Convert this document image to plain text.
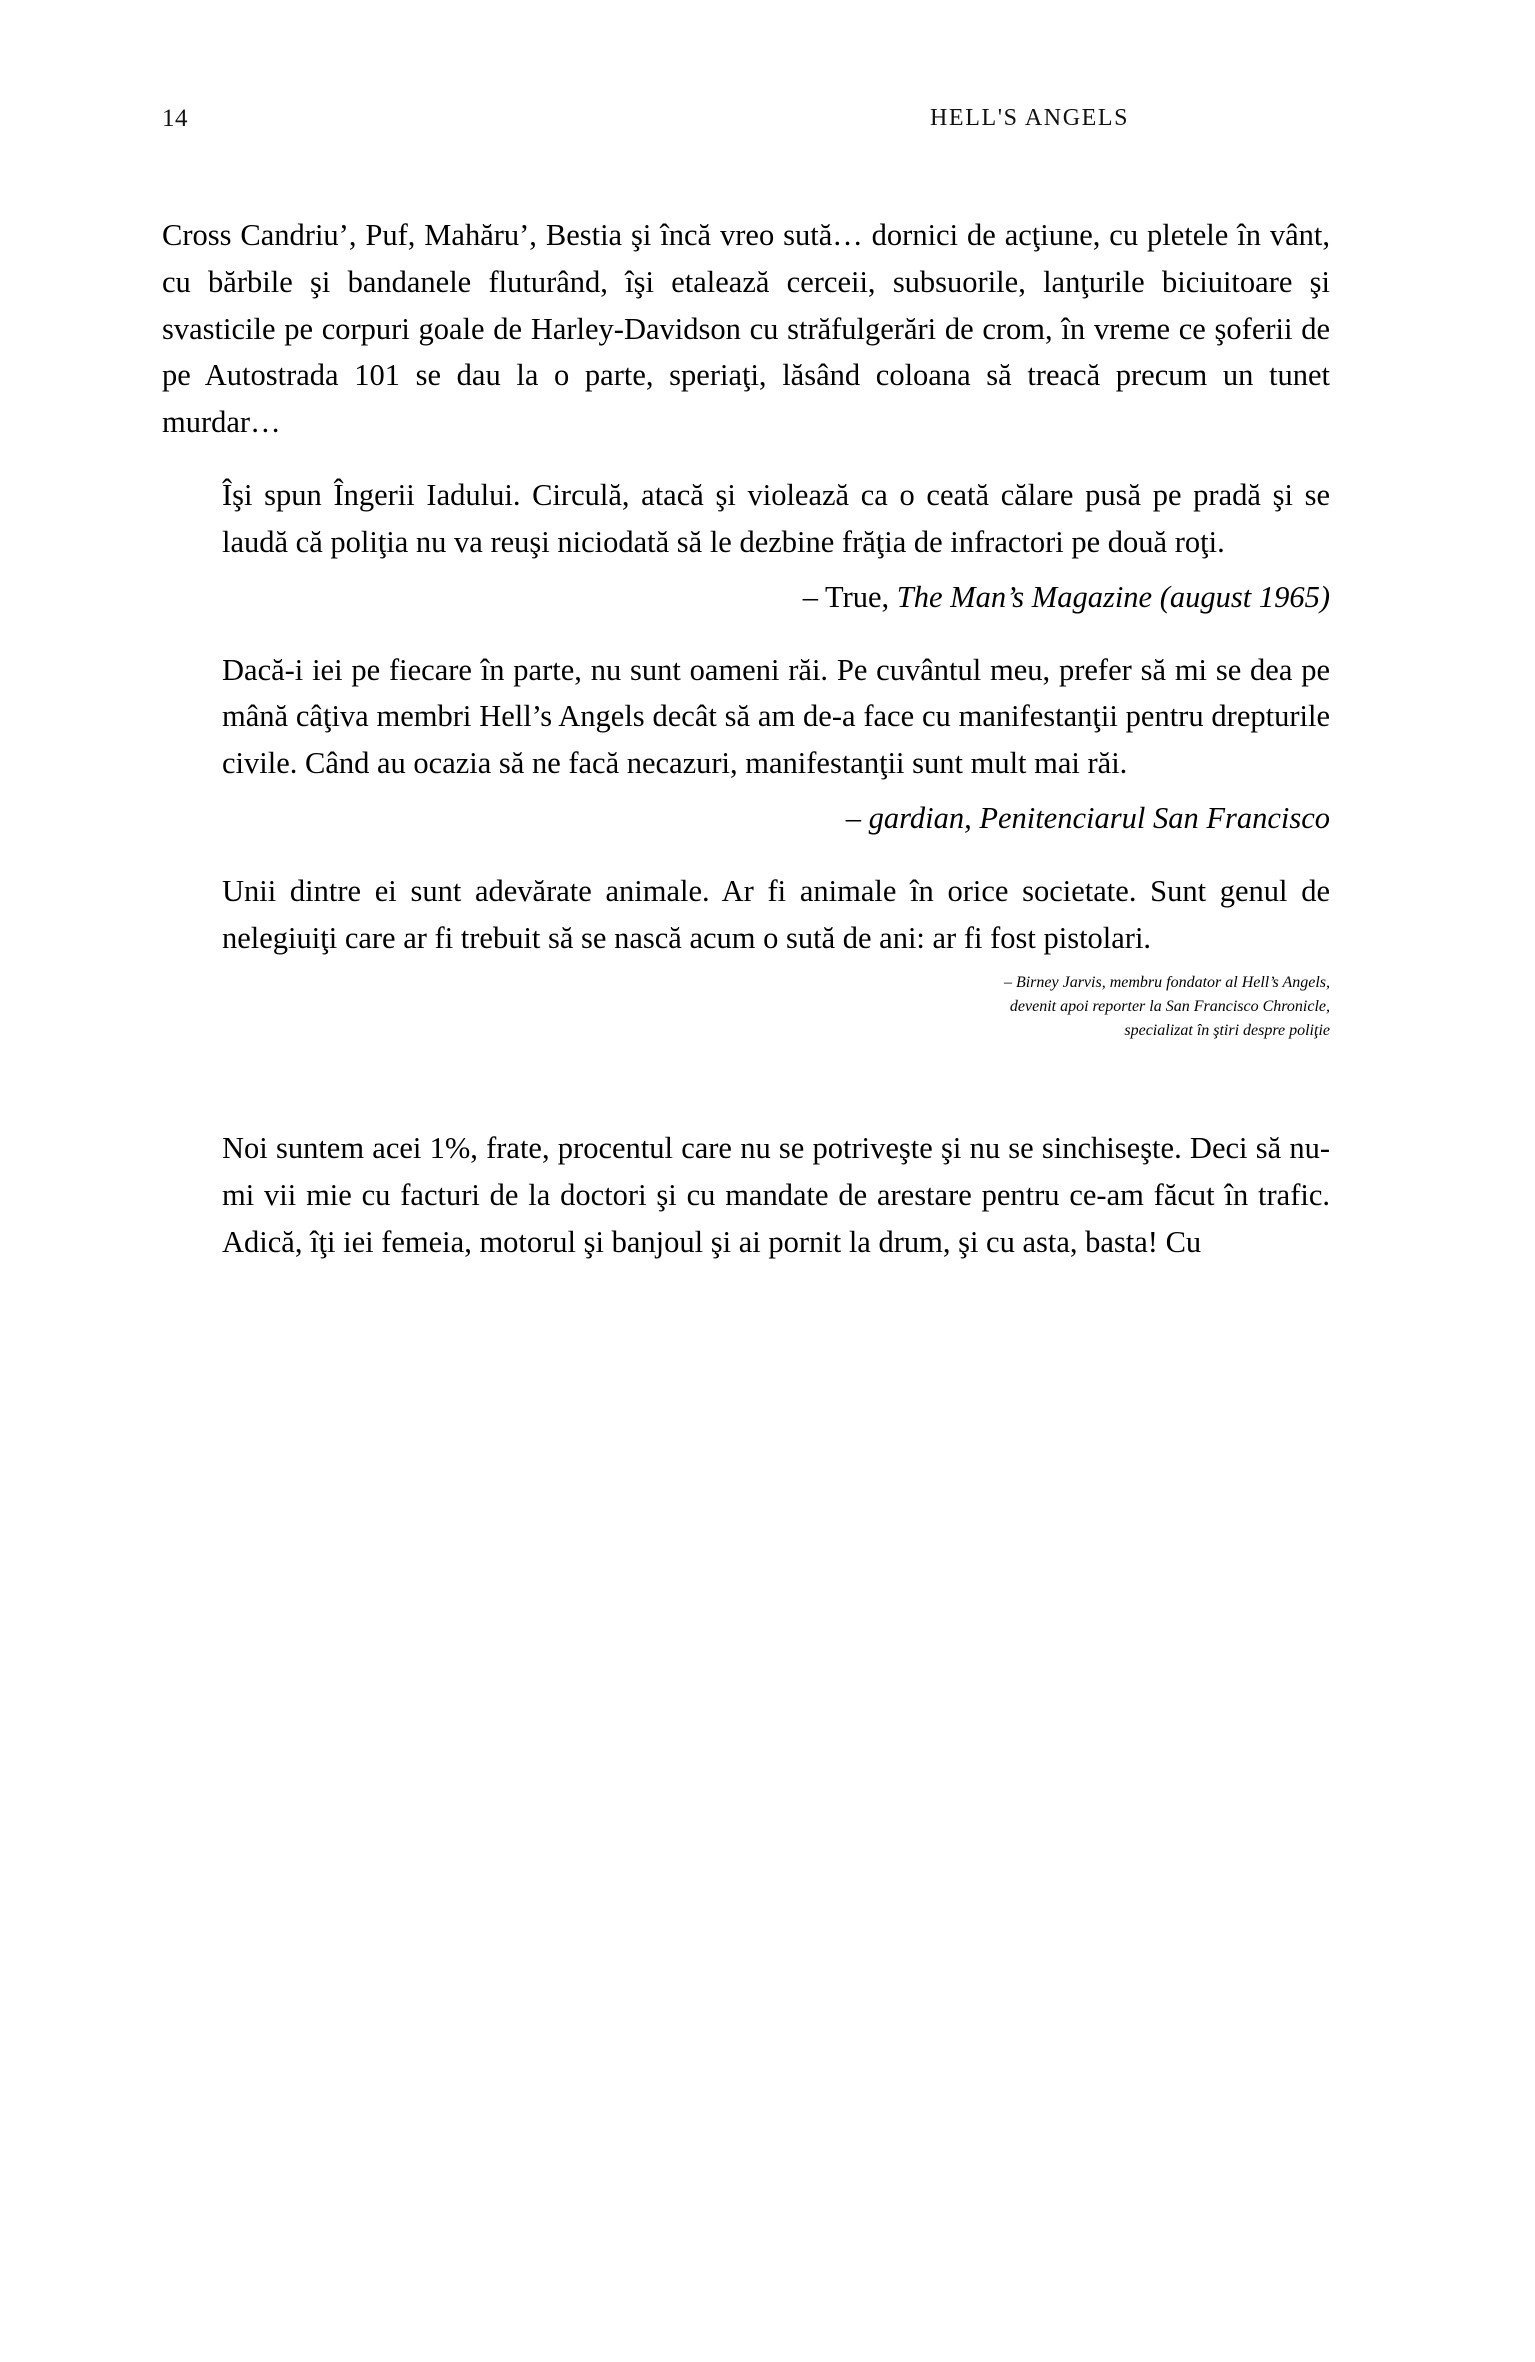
14	HELL'S ANGELS

Cross Candriu’, Puf, Mahăru’, Bestia şi încă vreo sută… dornici de acţiune, cu pletele în vânt, cu bărbile şi bandanele fluturând, îşi etalează cerceii, subsuorile, lanţurile biciuitoare şi svasticile pe corpuri goale de Harley-Davidson cu străfulgerări de crom, în vreme ce şoferii de pe Autostrada 101 se dau la o parte, speriaţi, lăsând coloana să treacă precum un tunet murdar…

Îşi spun Îngerii Iadului. Circulă, atacă şi violează ca o ceată călare pusă pe pradă şi se laudă că poliţia nu va reuşi niciodată să le dezbine frăţia de infractori pe două roţi.

– True, The Man’s Magazine (august 1965)

Dacă-i iei pe fiecare în parte, nu sunt oameni răi. Pe cuvântul meu, prefer să mi se dea pe mână câţiva membri Hell’s Angels decât să am de-a face cu manifestanţii pentru drepturile civile. Când au ocazia să ne facă necazuri, manifestanţii sunt mult mai răi.

– gardian, Penitenciarul San Francisco

Unii dintre ei sunt adevărate animale. Ar fi animale în orice societate. Sunt genul de nelegiuiţi care ar fi trebuit să se nască acum o sută de ani: ar fi fost pistolari.

– Birney Jarvis, membru fondator al Hell’s Angels,
devenit apoi reporter la San Francisco Chronicle,
specializat în ştiri despre poliţie

Noi suntem acei 1%, frate, procentul care nu se potriveşte şi nu se sinchiseşte. Deci să nu-mi vii mie cu facturi de la doctori şi cu mandate de arestare pentru ce-am făcut în trafic. Adică, îţi iei femeia, motorul şi banjoul şi ai pornit la drum, şi cu asta, basta! Cu
